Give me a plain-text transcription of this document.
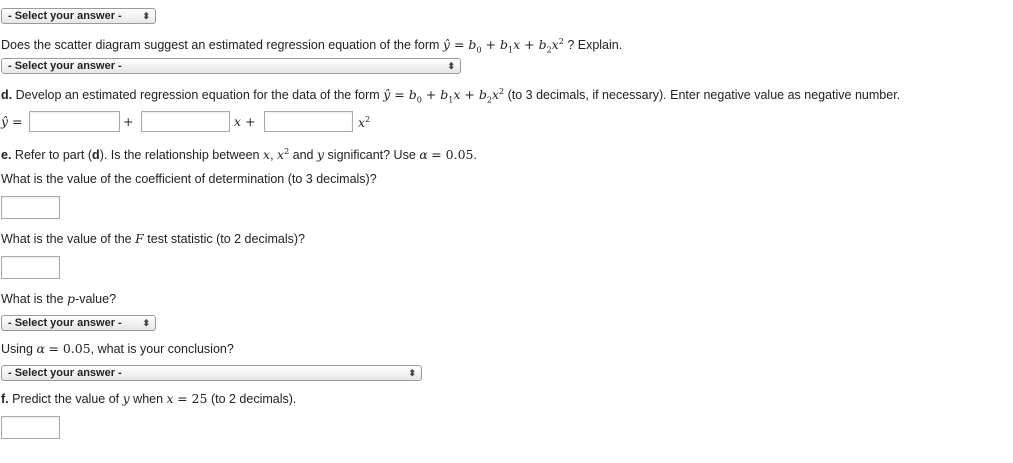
- Select your answer - ⬍
Does the scatter diagram suggest an estimated regression equation of the form ŷ = $b_0 + b_1x + b_2x^2$ ? Explain.
- Select your answer -	⬍
d. Develop an estimated regression equation for the data of the form ŷ = $b_0 + b_1x + b_2x^2$ (to 3 decimals, if necessary). Enter negative value as negative number.
ŷ =	+	x +	$x^2$
e. Refer to part (d). Is the relationship between x, $x^2$ and y significant? Use α = 0.05.
What is the value of the coefficient of determination (to 3 decimals)?
What is the value of the F test statistic (to 2 decimals)?
What is the p-value?
- Select your answer - ⬍
Using α = 0.05, what is your conclusion?
- Select your answer -	⬍
f. Predict the value of y when x = 25 (to 2 decimals).
